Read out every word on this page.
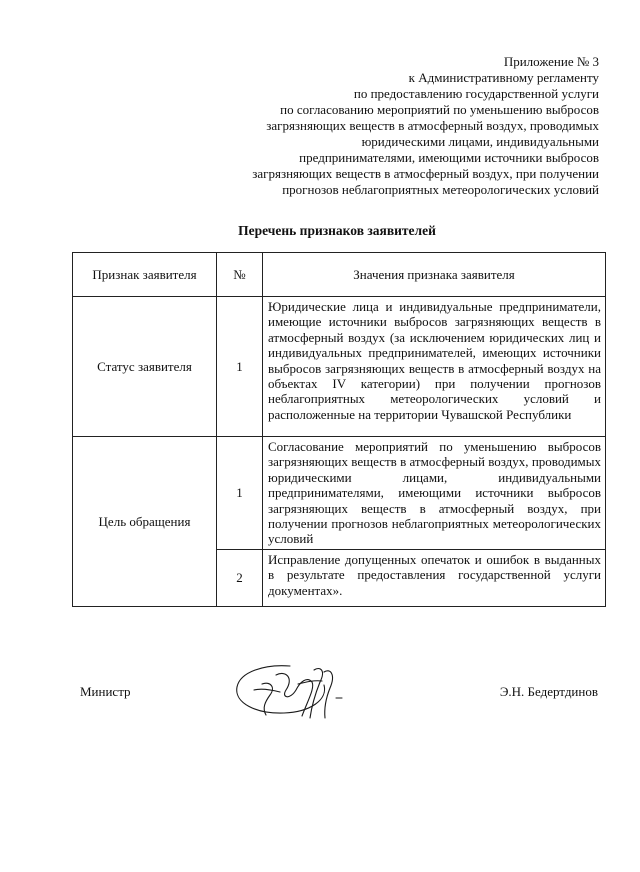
Приложение № 3
к Административному регламенту
по предоставлению государственной услуги
по согласованию мероприятий по уменьшению выбросов
загрязняющих веществ в атмосферный воздух, проводимых
юридическими лицами, индивидуальными
предпринимателями, имеющими источники выбросов
загрязняющих веществ в атмосферный воздух, при получении
прогнозов неблагоприятных метеорологических условий
Перечень признаков заявителей
Признак заявителя	№	Значения признака заявителя
Статус заявителя	1	Юридические лица и индивидуальные предприниматели, имеющие источники выбросов загрязняющих веществ в атмосферный воздух (за исключением юридических лиц и индивидуальных предпринимателей, имеющих источники выбросов загрязняющих веществ в атмосферный воздух на объектах IV категории) при получении прогнозов неблагоприятных метеорологических условий и расположенные на территории Чувашской Республики

Цель обращения	1	Согласование мероприятий по уменьшению выбросов загрязняющих веществ в атмосферный воздух, проводимых юридическими лицами, индивидуальными предпринимателями, имеющими источники выбросов загрязняющих веществ в атмосферный воздух, при получении прогнозов неблагоприятных метеорологических условий

	2	Исправление допущенных опечаток и ошибок в выданных в результате предоставления государственной услуги документах».
Министр	Э.Н. Бедертдинов
